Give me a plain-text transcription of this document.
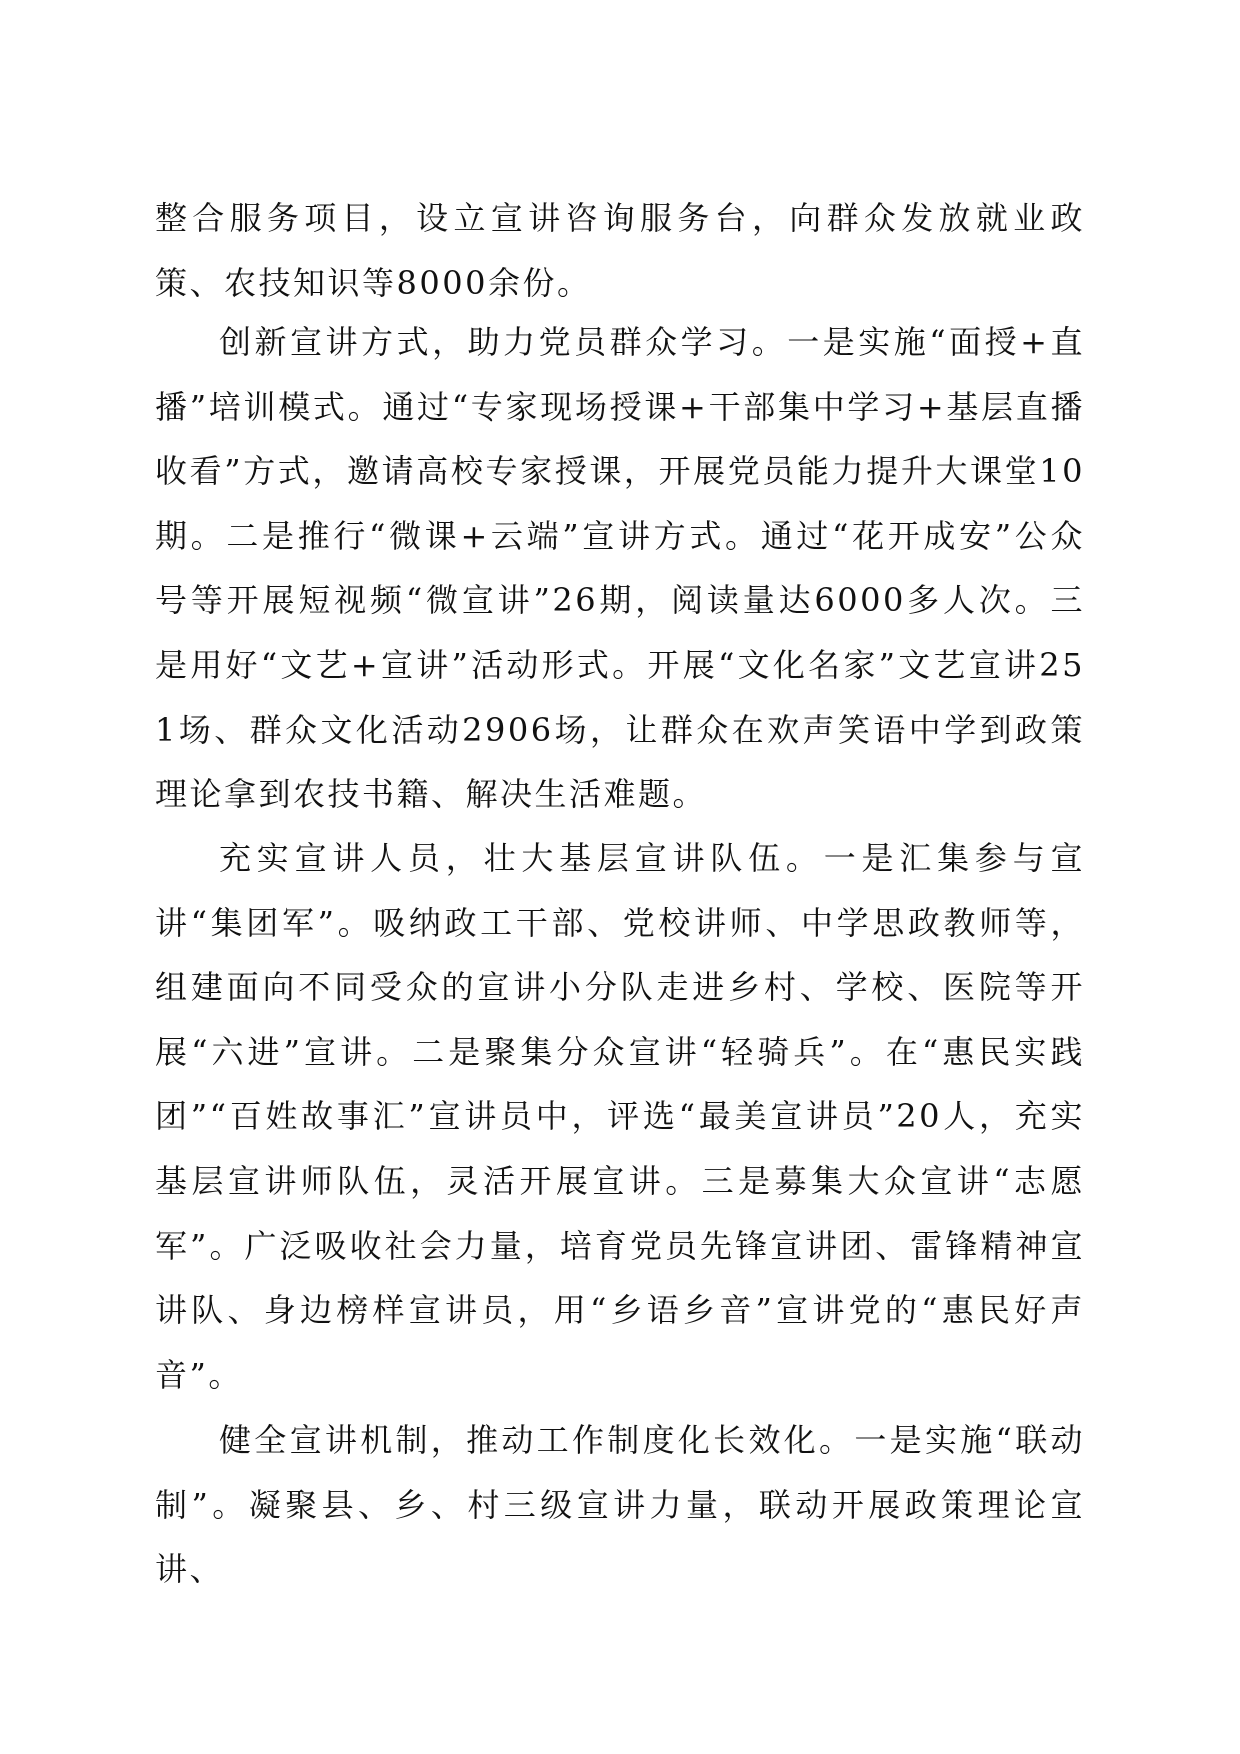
整合服务项目，设立宣讲咨询服务台，向群众发放就业政策、农技知识等8000余份。

创新宣讲方式，助力党员群众学习。一是实施“面授+直播”培训模式。通过“专家现场授课+干部集中学习+基层直播收看”方式，邀请高校专家授课，开展党员能力提升大课堂10期。二是推行“微课+云端”宣讲方式。通过“花开成安”公众号等开展短视频“微宣讲”26期，阅读量达6000多人次。三是用好“文艺+宣讲”活动形式。开展“文化名家”文艺宣讲251场、群众文化活动2906场，让群众在欢声笑语中学到政策理论拿到农技书籍、解决生活难题。

充实宣讲人员，壮大基层宣讲队伍。一是汇集参与宣讲“集团军”。吸纳政工干部、党校讲师、中学思政教师等，组建面向不同受众的宣讲小分队走进乡村、学校、医院等开展“六进”宣讲。二是聚集分众宣讲“轻骑兵”。在“惠民实践团”“百姓故事汇”宣讲员中，评选“最美宣讲员”20人，充实基层宣讲师队伍，灵活开展宣讲。三是募集大众宣讲“志愿军”。广泛吸收社会力量，培育党员先锋宣讲团、雷锋精神宣讲队、身边榜样宣讲员，用“乡语乡音”宣讲党的“惠民好声音”。

健全宣讲机制，推动工作制度化长效化。一是实施“联动制”。凝聚县、乡、村三级宣讲力量，联动开展政策理论宣讲、
